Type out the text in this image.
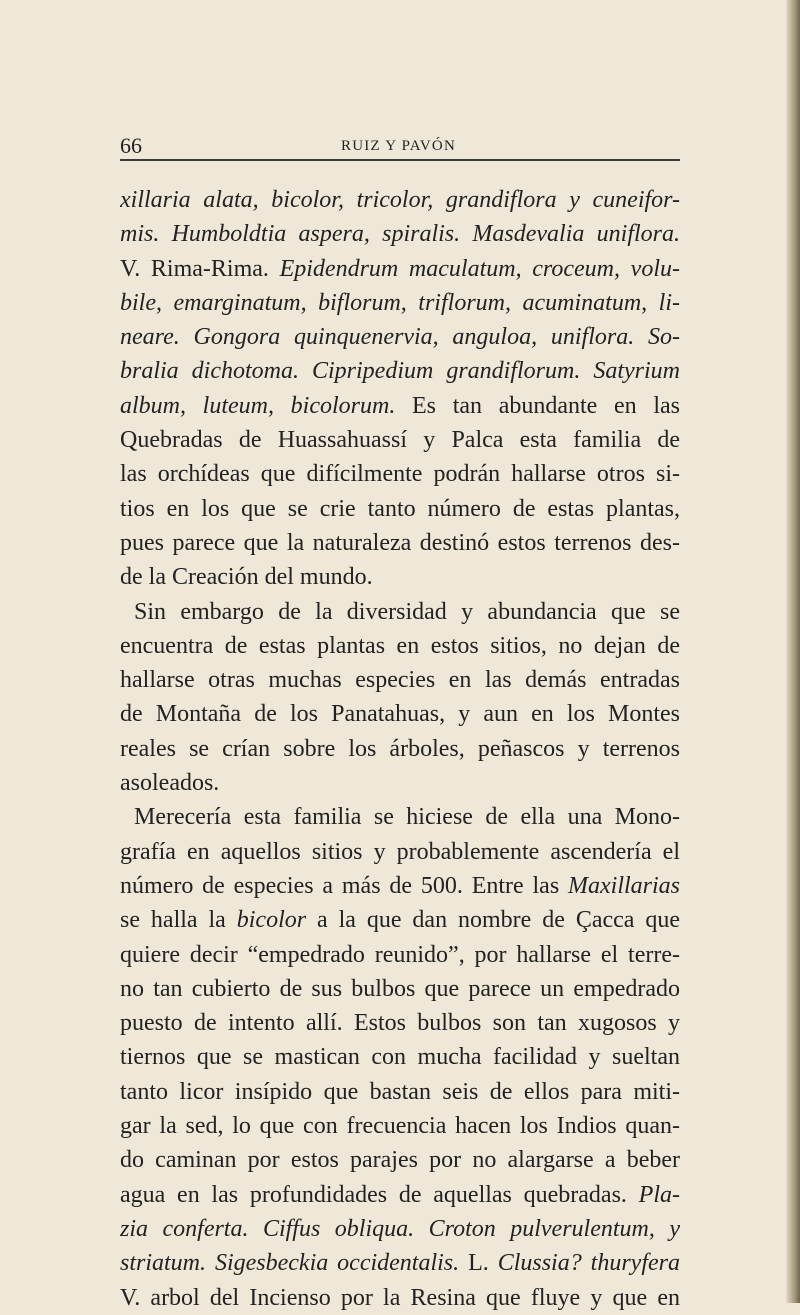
66	RUIZ Y PAVÓN
xillaria alata, bicolor, tricolor, grandiflora y cuneifor-
mis. Humboldtia aspera, spiralis. Masdevalia uniflora.
V. Rima-Rima. Epidendrum maculatum, croceum, volu-
bile, emarginatum, biflorum, triflorum, acuminatum, li-
neare. Gongora quinquenervia, anguloa, uniflora. So-
bralia dichotoma. Cipripedium grandiflorum. Satyrium
album, luteum, bicolorum. Es tan abundante en las
Quebradas de Huassahuassí y Palca esta familia de
las orchídeas que difícilmente podrán hallarse otros si-
tios en los que se crie tanto número de estas plantas,
pues parece que la naturaleza destinó estos terrenos des-
de la Creación del mundo.
Sin embargo de la diversidad y abundancia que se
encuentra de estas plantas en estos sitios, no dejan de
hallarse otras muchas especies en las demás entradas
de Montaña de los Panatahuas, y aun en los Montes
reales se crían sobre los árboles, peñascos y terrenos
asoleados.
Merecería esta familia se hiciese de ella una Mono-
grafía en aquellos sitios y probablemente ascendería el
número de especies a más de 500. Entre las Maxillarias
se halla la bicolor a la que dan nombre de Çacca que
quiere decir “empedrado reunido”, por hallarse el terre-
no tan cubierto de sus bulbos que parece un empedrado
puesto de intento allí. Estos bulbos son tan xugosos y
tiernos que se mastican con mucha facilidad y sueltan
tanto licor insípido que bastan seis de ellos para miti-
gar la sed, lo que con frecuencia hacen los Indios quan-
do caminan por estos parajes por no alargarse a beber
agua en las profundidades de aquellas quebradas. Pla-
zia conferta. Ciffus obliqua. Croton pulverulentum, y
striatum. Sigesbeckia occidentalis. L. Clussia? thuryfera
V. arbol del Incienso por la Resina que fluye y que en
